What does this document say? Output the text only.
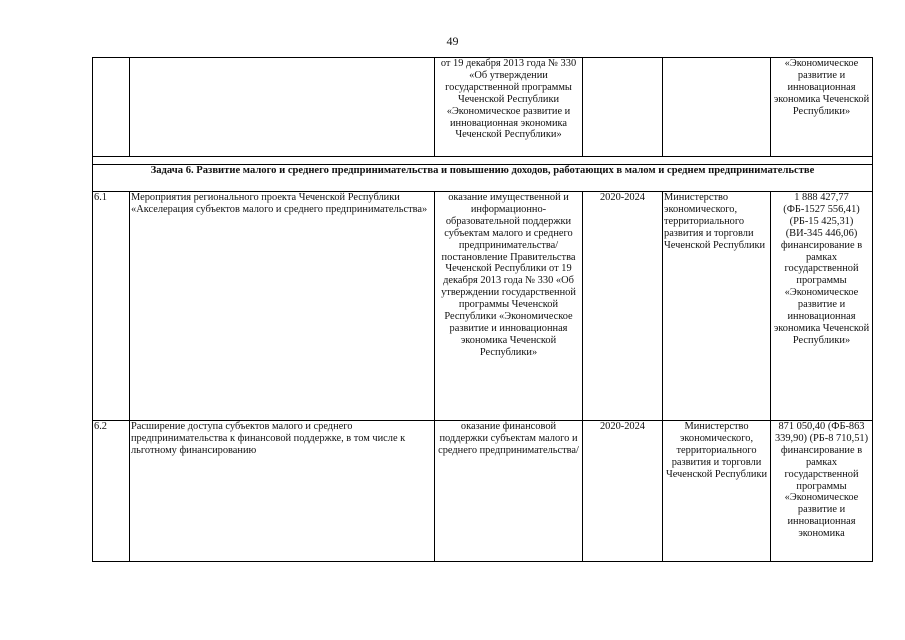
49
		от 19 декабря 2013 года № 330 «Об утверждении государственной программы Чеченской Республики «Экономическое развитие и инновационная экономика Чеченской Республики»			«Экономическое развитие и инновационная экономика Чеченской Республики»

Задача 6. Развитие малого и среднего предпринимательства и повышению доходов, работающих в малом и среднем предпринимательстве					
6.1	Мероприятия регионального проекта Чеченской Республики «Акселерация субъектов малого и среднего предпринимательства»	оказание имущественной и информационно-образовательной поддержки субъектам малого и среднего предпринимательства/ постановление Правительства Чеченской Республики от 19 декабря 2013 года № 330 «Об утверждении государственной программы Чеченской Республики «Экономическое развитие и инновационная экономика Чеченской Республики»	2020-2024	Министерство экономического, территориального развития и торговли Чеченской Республики	1 888 427,77 (ФБ-1527 556,41) (РБ-15 425,31) (ВИ-345 446,06) финансирование в рамках государственной программы «Экономическое развитие и инновационная экономика Чеченской Республики»
6.2	Расширение доступа субъектов малого и среднего предпринимательства к финансовой поддержке, в том числе к льготному финансированию	оказание финансовой поддержки субъектам малого и среднего предпринимательства/	2020-2024	Министерство экономического, территориального развития и торговли Чеченской Республики	871 050,40 (ФБ-863 339,90) (РБ-8 710,51) финансирование в рамках государственной программы «Экономическое развитие и инновационная экономика
